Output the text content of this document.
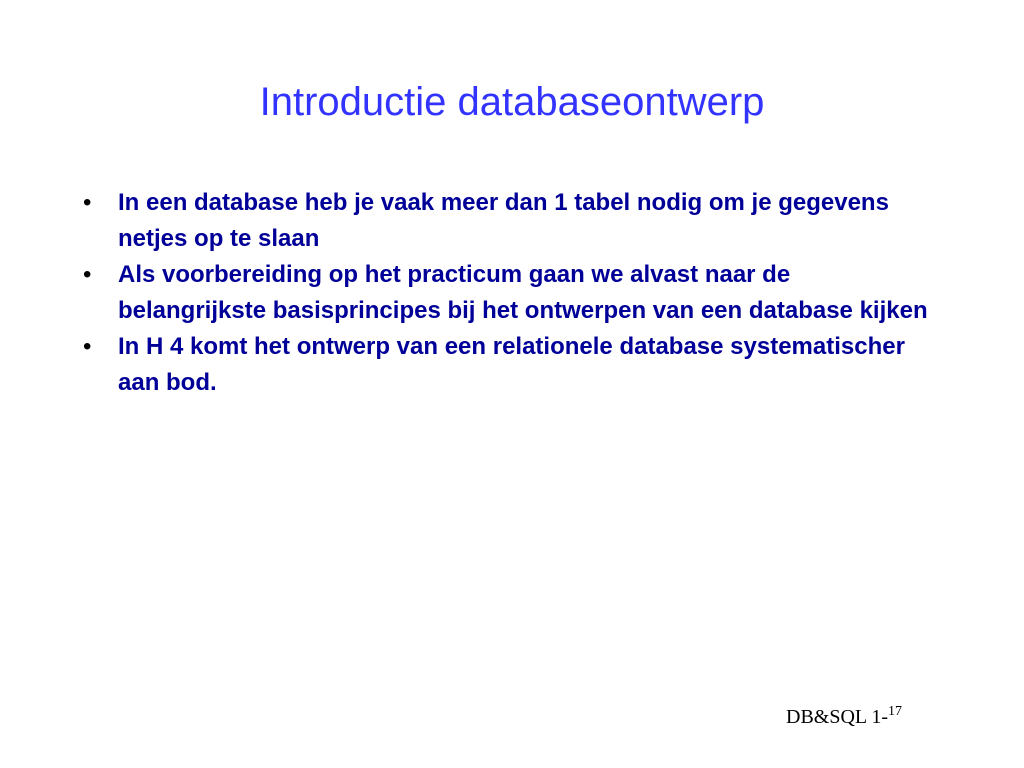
Introductie databaseontwerp
• In een database heb je vaak meer dan 1 tabel nodig om je gegevens netjes op te slaan
• Als voorbereiding op het practicum gaan we alvast naar de belangrijkste basisprincipes bij het ontwerpen van een database kijken
• In H 4 komt het ontwerp van een relationele database systematischer aan bod.
DB&SQL 1-$^{17}$
